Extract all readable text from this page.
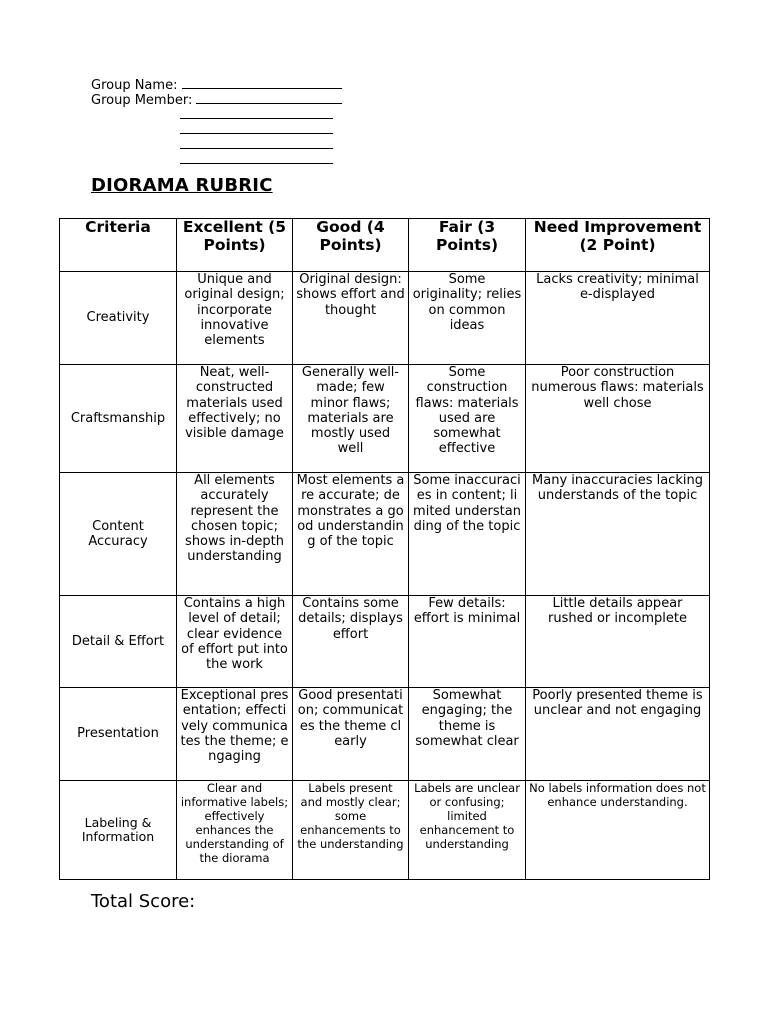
Group Name:
Group Member:
DIORAMA RUBRIC
Criteria	Excellent (5 Points)	Good (4 Points)	Fair (3 Points)	Need Improvement (2 Point)
Creativity	Unique and original design; incorporate innovative elements	Original design: shows effort and thought	Some originality; relies on common ideas	Lacks creativity; minimal e-displayed
Craftsmanship	Neat, well-constructed materials used effectively; no visible damage	Generally well-made; few minor flaws; materials are mostly used well	Some construction flaws: materials used are somewhat effective	Poor construction numerous flaws: materials well chose
Content Accuracy	All elements accurately represent the chosen topic; shows in-depth understanding	Most elements are accurate; demonstrates a good understanding of the topic	Some inaccuracies in content; limited understanding of the topic	Many inaccuracies lacking understands of the topic
Detail & Effort	Contains a high level of detail; clear evidence of effort put into the work	Contains some details; displays effort	Few details: effort is minimal	Little details appear rushed or incomplete
Presentation	Exceptional presentation; effectively communicates the theme; engaging	Good presentation; communicates the theme clearly	Somewhat engaging; the theme is somewhat clear	Poorly presented theme is unclear and not engaging
Labeling & Information	Clear and informative labels; effectively enhances the understanding of the diorama	Labels present and mostly clear; some enhancements to the understanding	Labels are unclear or confusing; limited enhancement to understanding	No labels information does not enhance understanding.
Total Score:
